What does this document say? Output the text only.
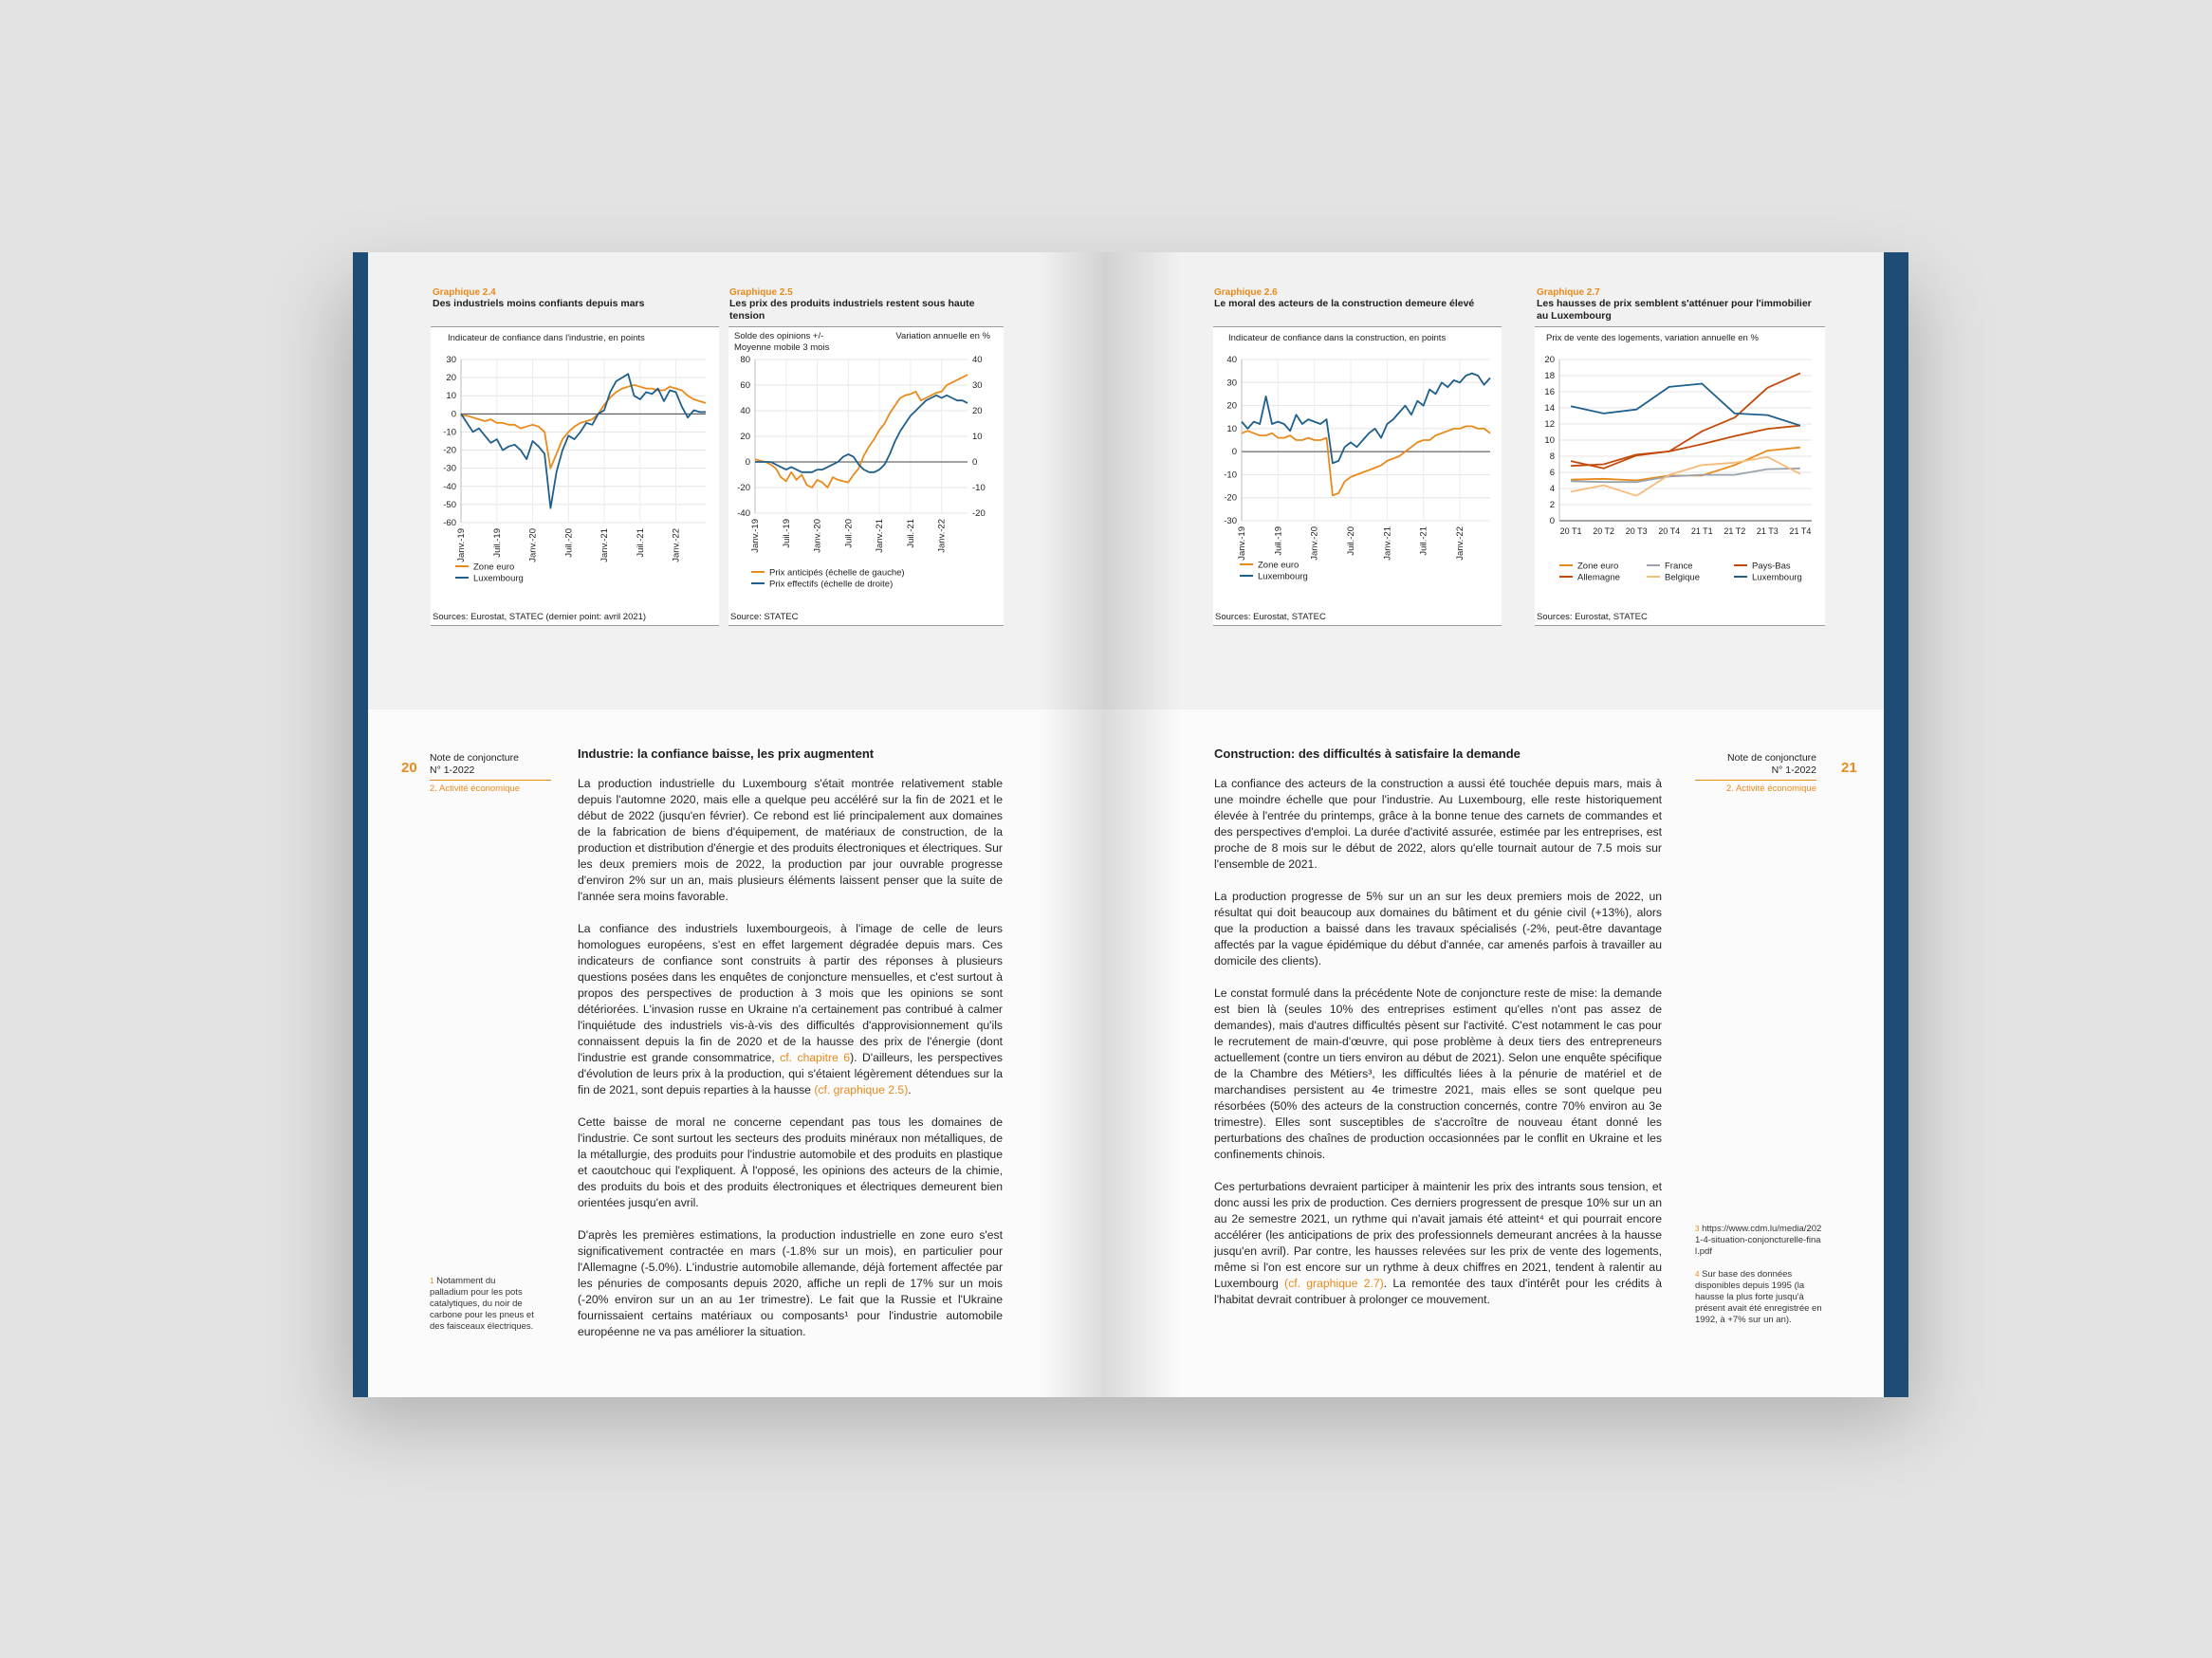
Graphique 2.4
Des industriels moins confiants depuis mars
Indicateur de confiance dans l'industrie, en points
30
20
10
0
-10
-20
-30
-40
-50
-60
Janv.-19	Juil.-19	Janv.-20	Juil.-20	Janv.-21	Juil.-21	Janv.-22
Zone euro
Luxembourg
Sources: Eurostat, STATEC (dernier point: avril 2021)
Graphique 2.5
Les prix des produits industriels restent sous haute tension
Solde des opinions +/-
Moyenne mobile 3 mois
Variation annuelle en %
80
60
40
20
0
-20
-40
40
30
20
10
0
-10
-20
Janv.-19 Juil.-19 Janv.-20 Juil.-20 Janv.-21 Juil.-21 Janv.-22
Prix anticipés (échelle de gauche)
Prix effectifs (échelle de droite)
Source: STATEC
20
Note de conjoncture
N° 1-2022
2. Activité économique
Industrie: la confiance baisse, les prix augmentent

La production industrielle du Luxembourg s'était montrée relativement stable depuis l'automne 2020, mais elle a quelque peu accéléré sur la fin de 2021 et le début de 2022 (jusqu'en février). Ce rebond est lié principalement aux domaines de la fabrication de biens d'équipement, de matériaux de construction, de la production et distribution d'énergie et des produits électroniques et électriques. Sur les deux premiers mois de 2022, la production par jour ouvrable progresse d'environ 2% sur un an, mais plusieurs éléments laissent penser que la suite de l'année sera moins favorable.

La confiance des industriels luxembourgeois, à l'image de celle de leurs homologues européens, s'est en effet largement dégradée depuis mars. Ces indicateurs de confiance sont construits à partir des réponses à plusieurs questions posées dans les enquêtes de conjoncture mensuelles, et c'est surtout à propos des perspectives de production à 3 mois que les opinions se sont détériorées. L'invasion russe en Ukraine n'a certainement pas contribué à calmer l'inquiétude des industriels vis-à-vis des difficultés d'approvisionnement qu'ils connaissent depuis la fin de 2020 et de la hausse des prix de l'énergie (dont l'industrie est grande consommatrice, cf. chapitre 6). D'ailleurs, les perspectives d'évolution de leurs prix à la production, qui s'étaient légèrement détendues sur la fin de 2021, sont depuis reparties à la hausse (cf. graphique 2.5).

Cette baisse de moral ne concerne cependant pas tous les domaines de l'industrie. Ce sont surtout les secteurs des produits minéraux non métalliques, de la métallurgie, des produits pour l'industrie automobile et des produits en plastique et caoutchouc qui l'expliquent. À l'opposé, les opinions des acteurs de la chimie, des produits du bois et des produits électroniques et électriques demeurent bien orientées jusqu'en avril.

D'après les premières estimations, la production industrielle en zone euro s'est significativement contractée en mars (-1.8% sur un mois), en particulier pour l'Allemagne (-5.0%). L'industrie automobile allemande, déjà fortement affectée par les pénuries de composants depuis 2020, affiche un repli de 17% sur un mois (-20% environ sur un an au 1er trimestre). Le fait que la Russie et l'Ukraine fournissaient certains matériaux ou composants¹ pour l'industrie automobile européenne ne va pas améliorer la situation.

$^1$ Notamment du palladium pour les pots catalytiques, du noir de carbone pour les pneus et des faisceaux électriques.
Graphique 2.6
Le moral des acteurs de la construction demeure élevé
Indicateur de confiance dans la construction, en points
40
30
20
10
0
-10
-20
-30
Janv.-19	Juil.-19	Janv.-20	Juil.-20	Janv.-21	Juil.-21	Janv.-22
Zone euro
Luxembourg
Sources: Eurostat, STATEC
Graphique 2.7
Les hausses de prix semblent s'atténuer pour l'immobilier au Luxembourg
Prix de vente des logements, variation annuelle en %
20
18
16
14
12
10
8
6
4
2
0
20 T1 20 T2 20 T3 20 T4 21 T1 21 T2 21 T3 21 T4
Zone euro
Allemagne
France
Belgique
Pays-Bas
Luxembourg
Sources: Eurostat, STATEC
Note de conjoncture
N° 1-2022
2. Activité économique
21
Construction: des difficultés à satisfaire la demande

La confiance des acteurs de la construction a aussi été touchée depuis mars, mais à une moindre échelle que pour l'industrie. Au Luxembourg, elle reste historiquement élevée à l'entrée du printemps, grâce à la bonne tenue des carnets de commandes et des perspectives d'emploi. La durée d'activité assurée, estimée par les entreprises, est proche de 8 mois sur le début de 2022, alors qu'elle tournait autour de 7.5 mois sur l'ensemble de 2021.

La production progresse de 5% sur un an sur les deux premiers mois de 2022, un résultat qui doit beaucoup aux domaines du bâtiment et du génie civil (+13%), alors que la production a baissé dans les travaux spécialisés (-2%, peut-être davantage affectés par la vague épidémique du début d'année, car amenés parfois à travailler au domicile des clients).

Le constat formulé dans la précédente Note de conjoncture reste de mise: la demande est bien là (seules 10% des entreprises estiment qu'elles n'ont pas assez de demandes), mais d'autres difficultés pèsent sur l'activité. C'est notamment le cas pour le recrutement de main-d'œuvre, qui pose problème à deux tiers des entrepreneurs actuellement (contre un tiers environ au début de 2021). Selon une enquête spécifique de la Chambre des Métiers³, les difficultés liées à la pénurie de matériel et de marchandises persistent au 4e trimestre 2021, mais elles se sont quelque peu résorbées (50% des acteurs de la construction concernés, contre 70% environ au 3e trimestre). Elles sont susceptibles de s'accroître de nouveau étant donné les perturbations des chaînes de production occasionnées par le conflit en Ukraine et les confinements chinois.

Ces perturbations devraient participer à maintenir les prix des intrants sous tension, et donc aussi les prix de production. Ces derniers progressent de presque 10% sur un an au 2e semestre 2021, un rythme qui n'avait jamais été atteint⁴ et qui pourrait encore accélérer (les anticipations de prix des professionnels demeurant ancrées à la hausse jusqu'en avril). Par contre, les hausses relevées sur les prix de vente des logements, même si l'on est encore sur un rythme à deux chiffres en 2021, tendent à ralentir au Luxembourg (cf. graphique 2.7). La remontée des taux d'intérêt pour les crédits à l'habitat devrait contribuer à prolonger ce mouvement.

$^3$ https://www.cdm.lu/media/2021-4-situation-conjoncturelle-final.pdf
$^4$ Sur base des données disponibles depuis 1995 (la hausse la plus forte jusqu'à présent avait été enregistrée en 1992, à +7% sur un an).
